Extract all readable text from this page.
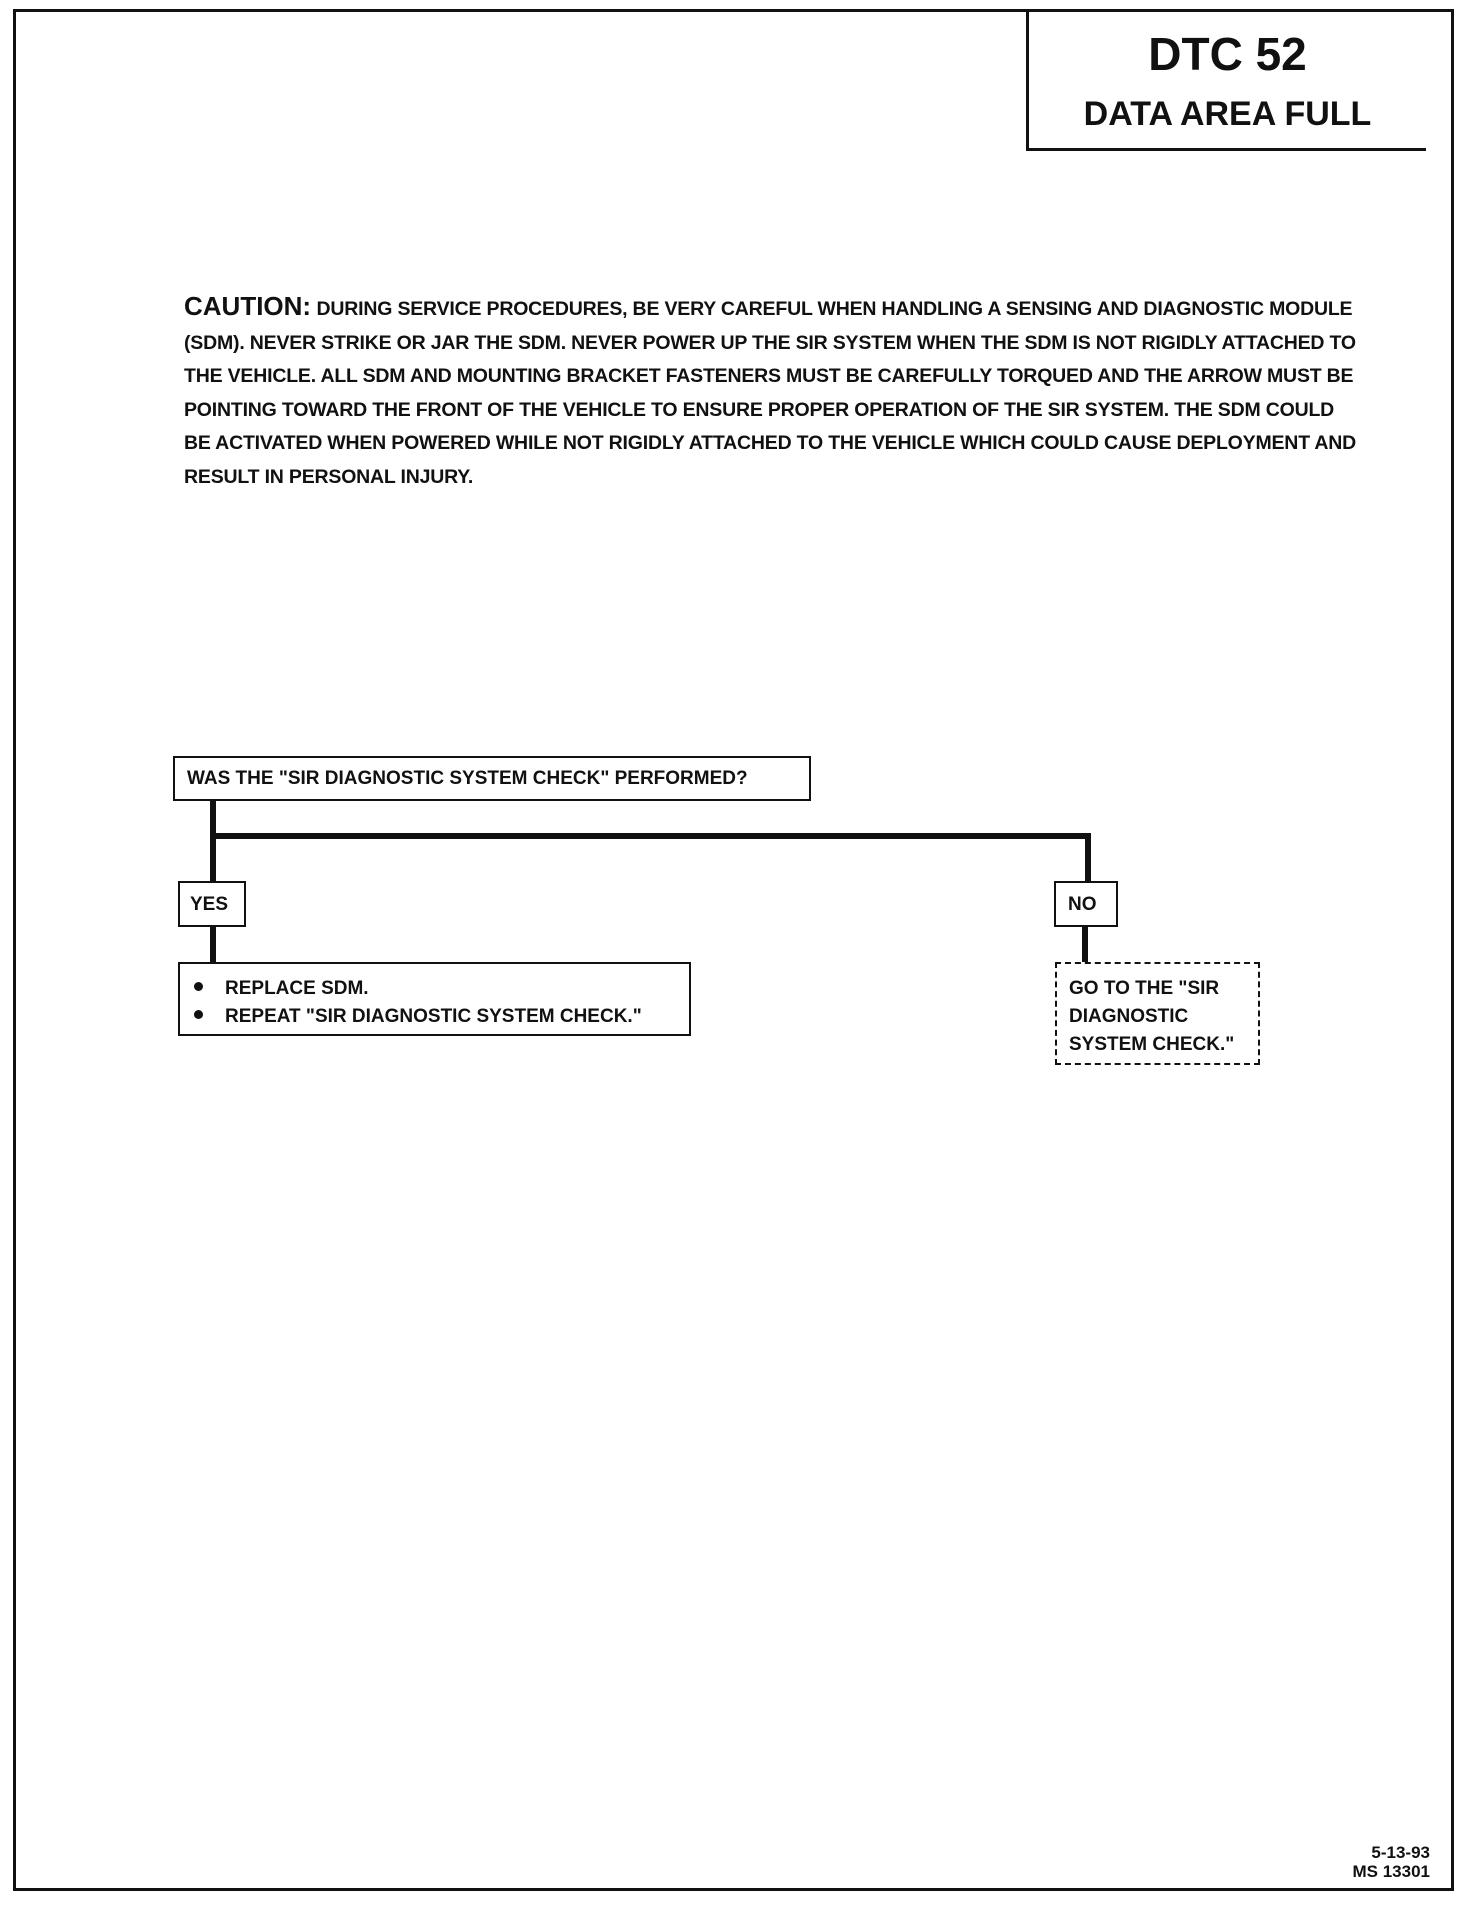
DTC 52
DATA AREA FULL
CAUTION: DURING SERVICE PROCEDURES, BE VERY CAREFUL WHEN HANDLING A SENSING AND DIAGNOSTIC MODULE (SDM). NEVER STRIKE OR JAR THE SDM. NEVER POWER UP THE SIR SYSTEM WHEN THE SDM IS NOT RIGIDLY ATTACHED TO THE VEHICLE. ALL SDM AND MOUNTING BRACKET FASTENERS MUST BE CAREFULLY TORQUED AND THE ARROW MUST BE POINTING TOWARD THE FRONT OF THE VEHICLE TO ENSURE PROPER OPERATION OF THE SIR SYSTEM. THE SDM COULD BE ACTIVATED WHEN POWERED WHILE NOT RIGIDLY ATTACHED TO THE VEHICLE WHICH COULD CAUSE DEPLOYMENT AND RESULT IN PERSONAL INJURY.
WAS THE "SIR DIAGNOSTIC SYSTEM CHECK" PERFORMED?
YES	NO
REPLACE SDM.
REPEAT "SIR DIAGNOSTIC SYSTEM CHECK."
GO TO THE "SIR
DIAGNOSTIC
SYSTEM CHECK."
5-13-93
MS 13301
